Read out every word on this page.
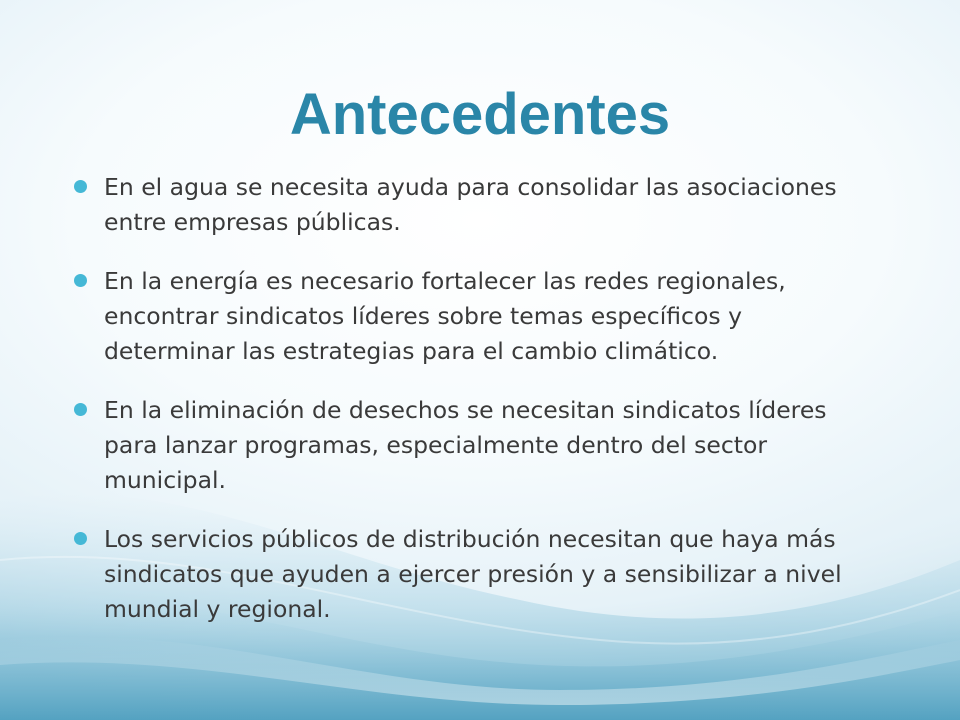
Antecedentes
En el agua se necesita ayuda para consolidar las asociaciones entre empresas públicas.
En la energía es necesario fortalecer las redes regionales, encontrar sindicatos líderes sobre temas específicos y determinar las estrategias para el cambio climático.
En la eliminación de desechos se necesitan sindicatos líderes para lanzar programas, especialmente dentro del sector municipal.
Los servicios públicos de distribución necesitan que haya más sindicatos que ayuden a ejercer presión y a sensibilizar a nivel mundial y regional.
